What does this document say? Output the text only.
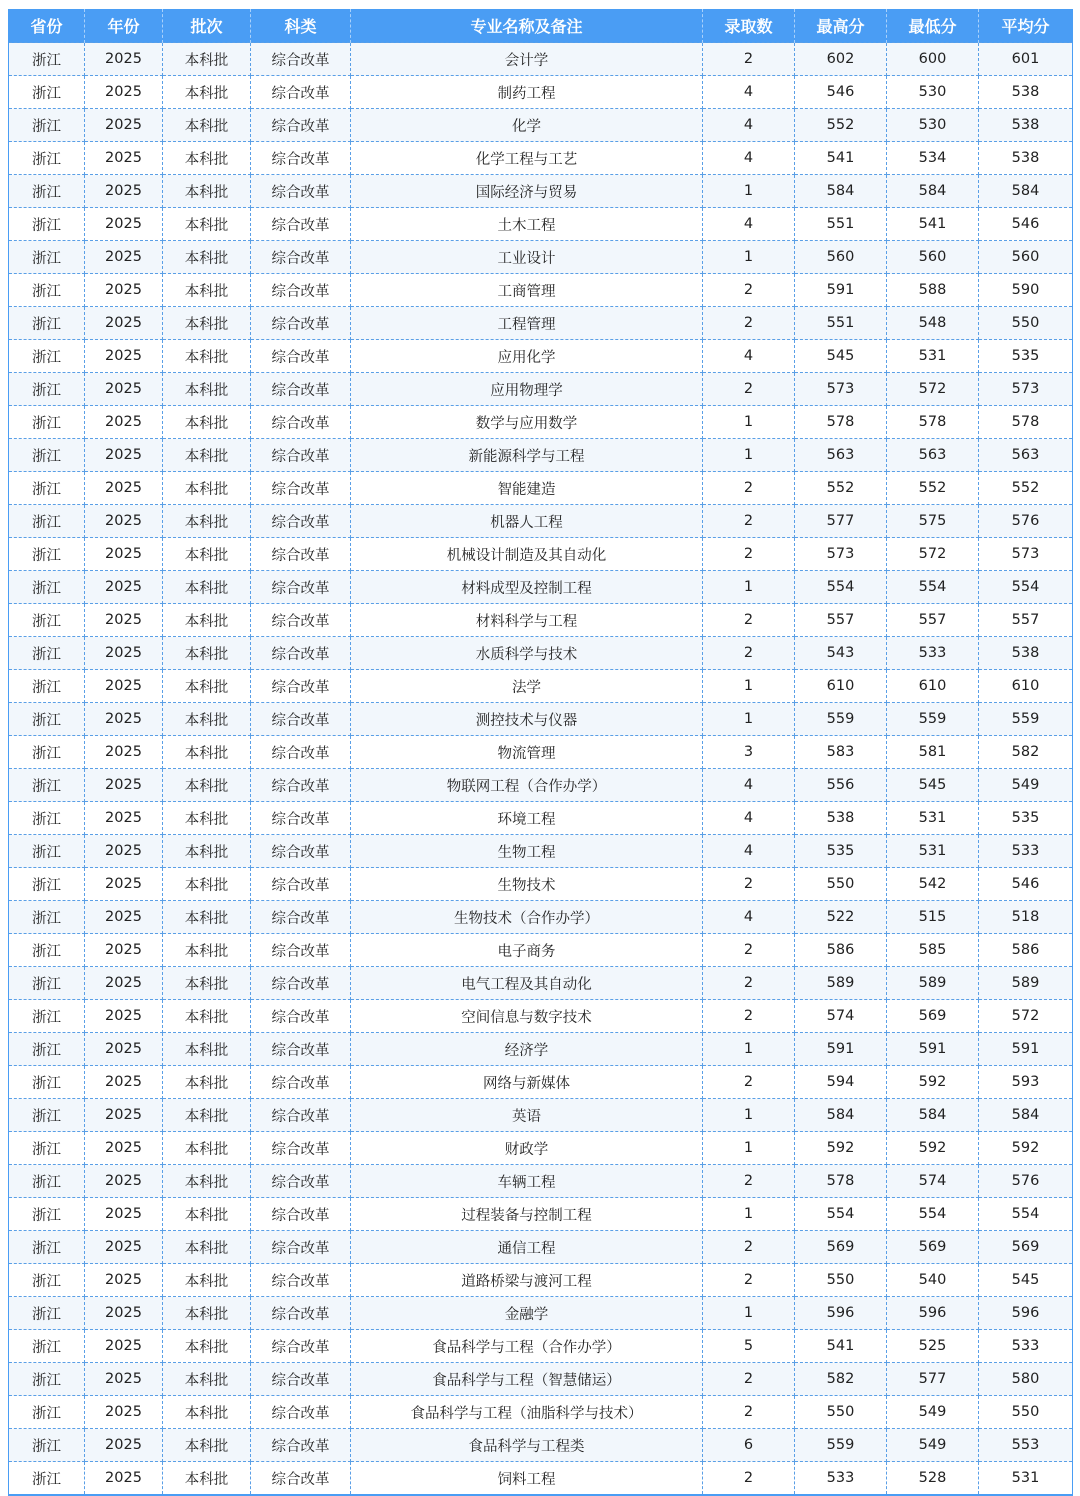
省份	年份	批次	科类	专业名称及备注	录取数	最高分	最低分	平均分
浙江	2025	本科批	综合改革	会计学	2	602	600	601
浙江	2025	本科批	综合改革	制药工程	4	546	530	538
浙江	2025	本科批	综合改革	化学	4	552	530	538
浙江	2025	本科批	综合改革	化学工程与工艺	4	541	534	538
浙江	2025	本科批	综合改革	国际经济与贸易	1	584	584	584
浙江	2025	本科批	综合改革	土木工程	4	551	541	546
浙江	2025	本科批	综合改革	工业设计	1	560	560	560
浙江	2025	本科批	综合改革	工商管理	2	591	588	590
浙江	2025	本科批	综合改革	工程管理	2	551	548	550
浙江	2025	本科批	综合改革	应用化学	4	545	531	535
浙江	2025	本科批	综合改革	应用物理学	2	573	572	573
浙江	2025	本科批	综合改革	数学与应用数学	1	578	578	578
浙江	2025	本科批	综合改革	新能源科学与工程	1	563	563	563
浙江	2025	本科批	综合改革	智能建造	2	552	552	552
浙江	2025	本科批	综合改革	机器人工程	2	577	575	576
浙江	2025	本科批	综合改革	机械设计制造及其自动化	2	573	572	573
浙江	2025	本科批	综合改革	材料成型及控制工程	1	554	554	554
浙江	2025	本科批	综合改革	材料科学与工程	2	557	557	557
浙江	2025	本科批	综合改革	水质科学与技术	2	543	533	538
浙江	2025	本科批	综合改革	法学	1	610	610	610
浙江	2025	本科批	综合改革	测控技术与仪器	1	559	559	559
浙江	2025	本科批	综合改革	物流管理	3	583	581	582
浙江	2025	本科批	综合改革	物联网工程（合作办学）	4	556	545	549
浙江	2025	本科批	综合改革	环境工程	4	538	531	535
浙江	2025	本科批	综合改革	生物工程	4	535	531	533
浙江	2025	本科批	综合改革	生物技术	2	550	542	546
浙江	2025	本科批	综合改革	生物技术（合作办学）	4	522	515	518
浙江	2025	本科批	综合改革	电子商务	2	586	585	586
浙江	2025	本科批	综合改革	电气工程及其自动化	2	589	589	589
浙江	2025	本科批	综合改革	空间信息与数字技术	2	574	569	572
浙江	2025	本科批	综合改革	经济学	1	591	591	591
浙江	2025	本科批	综合改革	网络与新媒体	2	594	592	593
浙江	2025	本科批	综合改革	英语	1	584	584	584
浙江	2025	本科批	综合改革	财政学	1	592	592	592
浙江	2025	本科批	综合改革	车辆工程	2	578	574	576
浙江	2025	本科批	综合改革	过程装备与控制工程	1	554	554	554
浙江	2025	本科批	综合改革	通信工程	2	569	569	569
浙江	2025	本科批	综合改革	道路桥梁与渡河工程	2	550	540	545
浙江	2025	本科批	综合改革	金融学	1	596	596	596
浙江	2025	本科批	综合改革	食品科学与工程（合作办学）	5	541	525	533
浙江	2025	本科批	综合改革	食品科学与工程（智慧储运）	2	582	577	580
浙江	2025	本科批	综合改革	食品科学与工程（油脂科学与技术）	2	550	549	550
浙江	2025	本科批	综合改革	食品科学与工程类	6	559	549	553
浙江	2025	本科批	综合改革	饲料工程	2	533	528	531
